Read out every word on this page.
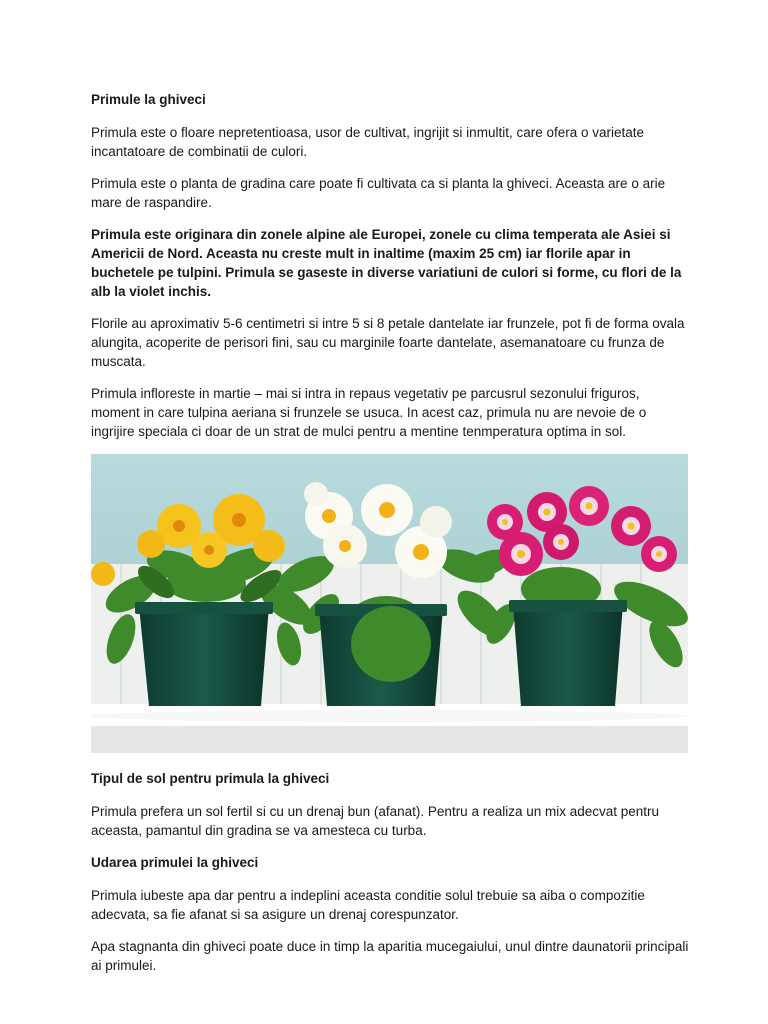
Primule la ghiveci

Primula este o floare nepretentioasa, usor de cultivat, ingrijit si inmultit, care ofera o varietate incantatoare de combinatii de culori.

Primula este o planta de gradina care poate fi cultivata ca si planta la ghiveci. Aceasta are o arie mare de raspandire.

Primula este originara din zonele alpine ale Europei, zonele cu clima temperata ale Asiei si Americii de Nord. Aceasta nu creste mult in inaltime (maxim 25 cm) iar florile apar in buchetele pe tulpini. Primula se gaseste in diverse variatiuni de culori si forme, cu flori de la alb la violet inchis.

Florile au aproximativ 5-6 centimetri si intre 5 si 8 petale dantelate iar frunzele, pot fi de forma ovala alungita, acoperite de perisori fini, sau cu marginile foarte dantelate, asemanatoare cu frunza de muscata.

Primula infloreste in martie – mai si intra in repaus vegetativ pe parcusrul sezonului friguros, moment in care tulpina aeriana si frunzele se usuca. In acest caz, primula nu are nevoie de o ingrijire speciala ci doar de un strat de mulci pentru a mentine tenmperatura optima in sol.

Tipul de sol pentru primula la ghiveci

Primula prefera un sol fertil si cu un drenaj bun (afanat). Pentru a realiza un mix adecvat pentru aceasta, pamantul din gradina se va amesteca cu turba.

Udarea primulei la ghiveci

Primula iubeste apa dar pentru a indeplini aceasta conditie solul trebuie sa aiba o compozitie adecvata, sa fie afanat si sa asigure un drenaj corespunzator.

Apa stagnanta din ghiveci poate duce in timp la aparitia mucegaiului, unul dintre daunatorii principali ai primulei.
